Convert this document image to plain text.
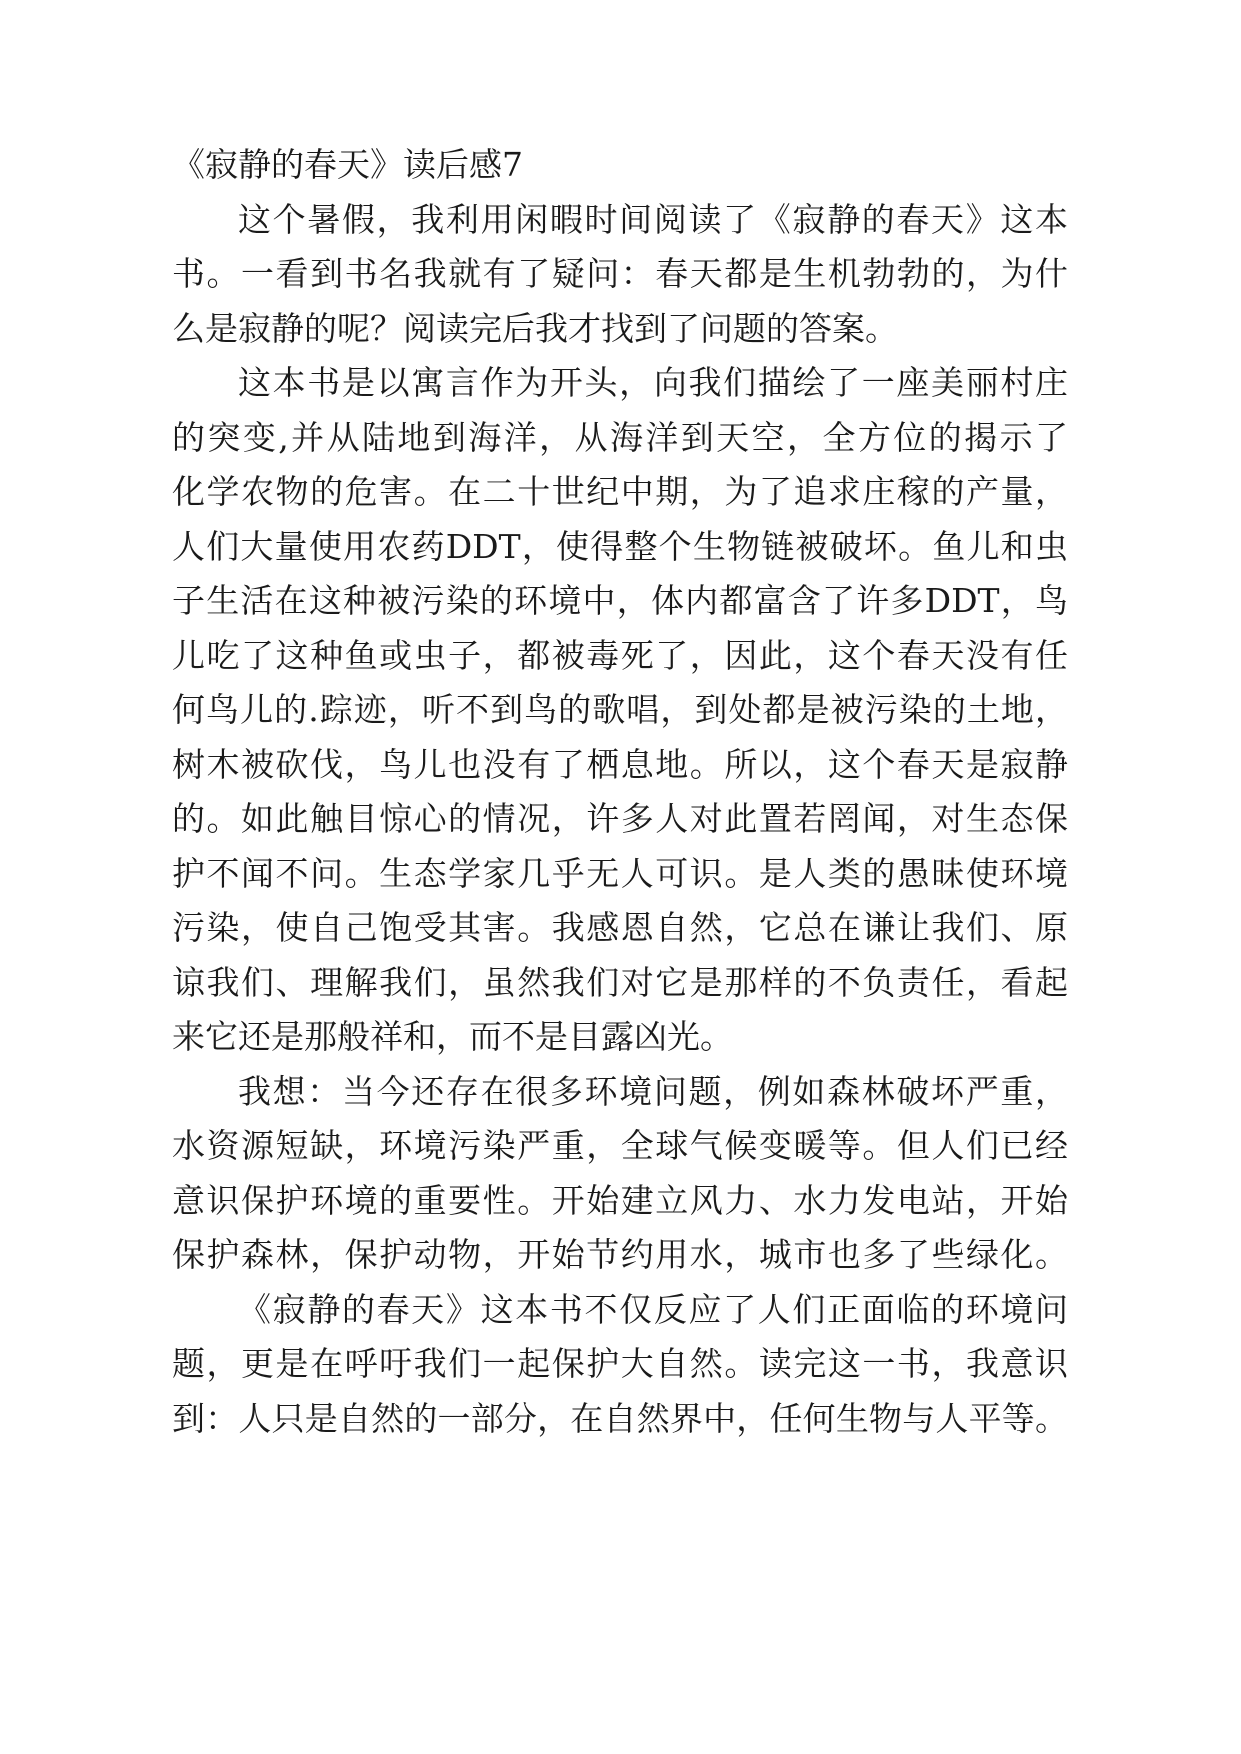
《寂静的春天》读后感7
这个暑假，我利用闲暇时间阅读了《寂静的春天》这本
书。一看到书名我就有了疑问：春天都是生机勃勃的，为什
么是寂静的呢？阅读完后我才找到了问题的答案。
这本书是以寓言作为开头，向我们描绘了一座美丽村庄
的突变,并从陆地到海洋，从海洋到天空，全方位的揭示了
化学农物的危害。在二十世纪中期，为了追求庄稼的产量，
人们大量使用农药DDT，使得整个生物链被破坏。鱼儿和虫
子生活在这种被污染的环境中，体内都富含了许多DDT，鸟
儿吃了这种鱼或虫子，都被毒死了，因此，这个春天没有任
何鸟儿的.踪迹，听不到鸟的歌唱，到处都是被污染的土地，
树木被砍伐，鸟儿也没有了栖息地。所以，这个春天是寂静
的。如此触目惊心的情况，许多人对此置若罔闻，对生态保
护不闻不问。生态学家几乎无人可识。是人类的愚昧使环境
污染，使自己饱受其害。我感恩自然，它总在谦让我们、原
谅我们、理解我们，虽然我们对它是那样的不负责任，看起
来它还是那般祥和，而不是目露凶光。
我想：当今还存在很多环境问题，例如森林破坏严重，
水资源短缺，环境污染严重，全球气候变暖等。但人们已经
意识保护环境的重要性。开始建立风力、水力发电站，开始
保护森林，保护动物，开始节约用水，城市也多了些绿化。
《寂静的春天》这本书不仅反应了人们正面临的环境问
题，更是在呼吁我们一起保护大自然。读完这一书，我意识
到：人只是自然的一部分，在自然界中，任何生物与人平等。
